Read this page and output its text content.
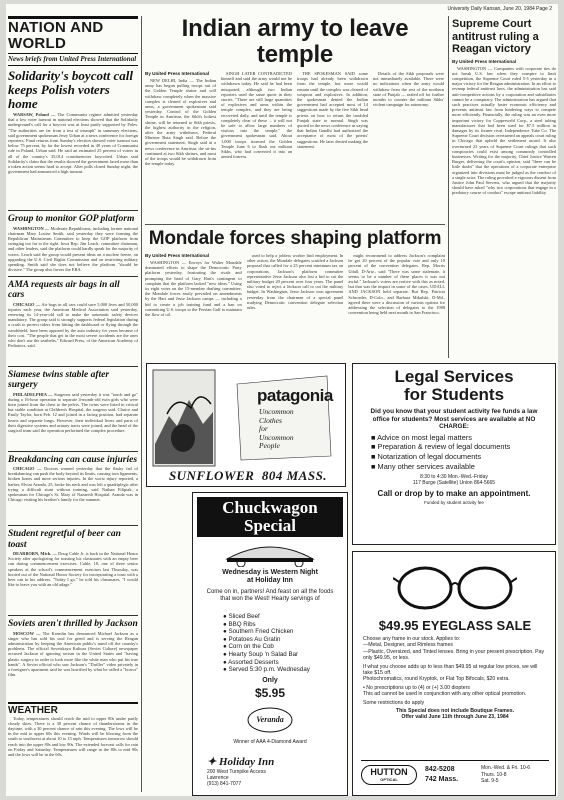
University Daily Kansan, June 20, 1984 Page 2
NATION AND WORLD
News briefs from United Press International
Solidarity's boycott call keeps Polish voters home

WARSAW, Poland — The Communist regime admitted yesterday that a low voter turnout in national elections showed that the Solidarity underground's call for a boycott was at least partly supported by Poles. "The authorities are far from a test of triumph" in summary elections, said government spokesman Jerzy Urban at a news conference for foreign reporters. Final returns from Sunday's election showed voter turnout was below 75 percent, by far the lowest recorded in 40 years of Communist rule in Poland, Urban said. He said an estimated 25 percent of voters in all of the country's 35,014 constituencies boycotted. Urban said Solidarity's claim that the results showed the government faced more than a token action seems hard to accept. After polls closed Sunday night, the government had announced a high turnout.

Group to monitor GOP platform

WASHINGTON — Moderate Republicans, including former national chairman Mary Louise Smith, said yesterday they were forming the Republican Mainstream Committee to keep the GOP platform from swinging too far to the right. Iowa Rep. Jim Leach, committee chairman, and other leaders, said the platform could hardly speak for the majority of voters. Leach said the group would present ideas on a nuclear freeze, on upgrading the U.S. Civil Rights Commission and on restricting military spending. Smith said she does not believe the platform "should be divisive." The group also favors the ERA.

AMA requests air bags in all cars

CHICAGO — Air bags in all cars could save 5,000 lives and 50,000 injuries each year, the American Medical Association said yesterday, renewing its 14-year-old call to make the automatic safety devices mandatory. The group said it strongly supports federal legislation during a crash to protect riders from hitting the dashboard or flying through the windshield, have been opposed by the auto industry for years because of their cost. "The people that get in the most severe accidents are the ones who don't use the seatbelts," Edward Press, of the American Academy of Pediatrics, said.

Siamese twins stable after surgery

PHILADELPHIA — Surgeons said yesterday it was "touch and go" during a 16-hour operation to separate 4-month-old twin girls who were born joined from the chest to the pelvis. The twins were listed in critical but stable condition at Children's Hospital, the surgeon said. Clarice and Emily Taylor, born Feb. 12 and joined in a facing position, had separate hearts and separate lungs. However, their individual livers and parts of their digestive systems and urinary tracts were joined, and the head of the surgical team said the operation performed the complex procedure.

Breakdancing can cause injuries

CHICAGO — Doctors warned yesterday that the flashy fad of breakdancing can push the body beyond its limits, causing torn ligaments, broken bones and more serious injuries. In the worst injury reported, a barber, Elvira Aranda, 25, broke his neck and was left a quadriplegic after trying a difficult stunt without training, said Nathan Filipiak, a spokesman for Chicago's St. Mary of Nazareth Hospital. Aranda was in Chicago visiting his brother's family for the summer.

Student regretful of beer can toast

DEARBORN, Mich. — Doug Cahle Jr. is back in the National Honor Society after apologizing for toasting his classmates with an empty beer can during commencement exercises. Cahle, 18, one of three senior speakers at the school's commencement exercises last Thursday, was booted out of the National Honor Society for incorporating a toast with a beer can in his address. "Today I go," he told his classmates, "I would like to leave you with an old adage."

Soviets aren't thrilled by Jackson

MOSCOW — The Kremlin has denounced Michael Jackson as a singer who has sold his soul for greed and is serving the Reagan administration by keeping the American public's mind off the country's problems. The official Sovetskaya Kultura (Soviet Culture) newspaper accused Jackson of ignoring racism in the United States and "having plastic surgery in order to look more like the white man who put his true hands". A Soviet official who saw Jackson's "Thriller" video privately in a foreigner's apartment said he was horrified by what he called a "horror" film.

WEATHER

Today, temperatures should reach the mid to upper 80s under partly cloudy skies. There is a 30 percent chance of thunderstorms in the daytime, with a 30 percent chance of rain this evening. The lows will be in the mid to upper 60s this evening. Winds will be blowing from the south to southwest at about 10 to 15 mph. Temperatures tomorrow should reach into the upper 80s and low 90s. The extended forecast calls for rain on Friday and Saturday. Temperatures will range in the 80s to mid 90s and the lows will be in the 60s.

Indian army to leave temple
By United Press International

NEW DELHI, India — The Indian army has begun pulling troops out of the Golden Temple shrine and will withdraw completely when the massive complex is cleared of explosives and arms, a government spokesman said yesterday. Control of the Golden Temple in Amritsar, the Sikh's holiest shrine, will be returned to Sikh priests, the highest authority in the religion, after the army withdraws, Federal Minister Buta Singh said. Before the government statement, Singh said at a news conference in Amritsar, the sit-ins continued at two Sikh shrines, and most of the troops would be withdrawn from the temple today.

SINGH LATER CONTRADICTED himself and said the army would not be withdrawn today. He said he had been misquoted, although two Indian reporters used the same quote in their stories. "There are still large quantities of explosives and arms within the temple complex, and they are being recovered daily, and until the temple is completely clear of these ... it will not be safe to allow large numbers of visitors into the temple," the government spokesman said. About 1,000 troops stormed the Golden Temple June 6 to flush out militant Sikhs, who had converted it into an armed fortress.

THE SPOKESMAN SAID some troops had already been withdrawn from the temple, but more would remain until the complex was cleared of weapons and explosives. In addition, the spokesman denied the Indian government had accepted most of 14 suggestions made by the five Sikh head priests on how to return the troubled Punjab state to normal. Singh was quoted in the news conference as saying that Indian Gandhi had authorized the acceptance of most of the priests' suggestions. He later denied making the statement.

Details of the Sikh proposals were not immediately available. There were no indications when the army would withdraw from the rest of the northern state of Punjab — sealed off for further months to counter the militant Sikhs' violent campaign for autonomy.

Mondale forces shaping platform
By United Press International

WASHINGTON — Envoys for Walter Mondale dominated efforts to shape the Democratic Party platform yesterday, frustrating the rivals and prompting the head of Gary Hart's contingent to complain that the platform lacked "new ideas." Using its eight votes on the 15-member drafting committee, the Mondale forces easily prevailed on amendments by the Hart and Jesse Jackson camps — including a bid to create a job training fund and a ban on committing U.S. troops to the Persian Gulf to maintain the flow of oil.

used to help a jobless worker find employment. In other action, the Mondale delegates scuttled a Jackson proposal that called for a 25 percent minimum tax on corporations. Jackson's platform committee representative Jesse Jackson also lost a bid to cut the military budget 20 percent over four years. The panel also voted to reject a Jackson call to cut the military budget. In Washington, Jesse Jackson won agreement yesterday from the chairman of a special panel studying Democratic convention delegate selection rules.

might recommend to address Jackson's complaint he got 20 percent of the popular vote and only 10 percent of the convention delegates. Rep. Morris Udall, D-Ariz., said "There was some stalemate, it seems to be a number of these places it was not awful." Jackson's voters are restive with this as noted, but that was the impact in some of the cases. UDALL AND JACKSON held separate. But Rep. Patricia Schroeder, D-Colo., and Barbara Mikulski, D-Md., agreed there were a discussion of various options for addressing the selection of delegates to the 1988 convention being held next month in San Francisco.

Supreme Court antitrust ruling a Reagan victory
By United Press International

WASHINGTON — Companies with corporate ties do not break U.S. law when they conspire to limit competition, the Supreme Court ruled 5-3 yesterday in a major victory for the Reagan administration. In an effort to revamp federal antitrust laws, the administration has said anti-competitive actions by a corporation and subsidiaries cannot be a conspiracy. The administration has argued that such practices actually faster economic efficiency and prevents antitrust law from hindering ways to compete more efficiently. Financially, the ruling was an even more important victory for Copperweld Corp., a steel tubing manufacturer that had been sued for $7.5 million in damages by its former rival, Independence Tube Co. The Supreme Court decision overturned an appeals court ruling in Chicago that upheld the settlement award. It also overturned 23 years of Supreme Court rulings that such conspiracies could exist among commonly controlled businesses. Writing for the majority, Chief Justice Warren Burger, delivering the court's opinion, said "there can be little doubt" that the operations of a corporate enterprise organized into divisions must be judged as the conduct of a single actor. The ruling provoked a vigorous dissent from Justice John Paul Stevens, who argued that the majority should have asked "why two corporations that engage in a predatory course of conduct" escape antitrust liability.

patagonia
Uncommon
Clothes
for
Uncommon
People
SUNFLOWER 804 MASS.
Legal Services
for Students
Did you know that your student activity fee funds a law office for students? Most services are available at NO CHARGE:
■ Advice on most legal matters
■ Preparation & review of legal documents
■ Notarization of legal documents
■ Many other services available
8:30 to 4:30 Mon.-Wed.-Friday
117 Burge (Satellite) Union 864-5665
Call or drop by to make an appointment.
Funded by student activity fee
Chuckwagon
Special
Wednesday is Western Night
at Holiday Inn
Come on in, partners! And feast on all the foods that won the West! Hearty servings of
● Sliced Beef
● BBQ Ribs
● Southern Fried Chicken
● Potatoes Au Gratin
● Corn on the Cob
● Hearty Soup 'n Salad Bar
● Assorted Desserts
● Served 5:30 p.m. Wednesday
Only
$5.95
Veranda
Winner of AAA 4-Diamond Award
✦ Holiday Inn
200 West Turnpike Access
Lawrence
(913) 841-7077
$49.95 EYEGLASS SALE
Choose any frame in our stock. Applies to:
—Metal, Designer, and Rimless frames
—Plastic, Oversized, and Tinted lenses. Bring in your present prescription. Pay only $49.95, or less.
If what you choose adds up to less than $49.95 at regular low prices, we will take $15 off.
Photochromatics, round Kryptok, or Flat Top Bifocals, $20 extra.
• No prescriptions up to (4) or (+) 3.00 diopters
This ad cannot be used in conjunction with any other optical promotion.
Some restrictions do apply
This Special does not include Boutique Frames.
Offer valid June 11th through June 23, 1984
HUTTON
OPTICAL
842-5208
742 Mass.
Mon.-Wed. & Fri. 10-6
Thurs. 10-8
Sat. 9-5
